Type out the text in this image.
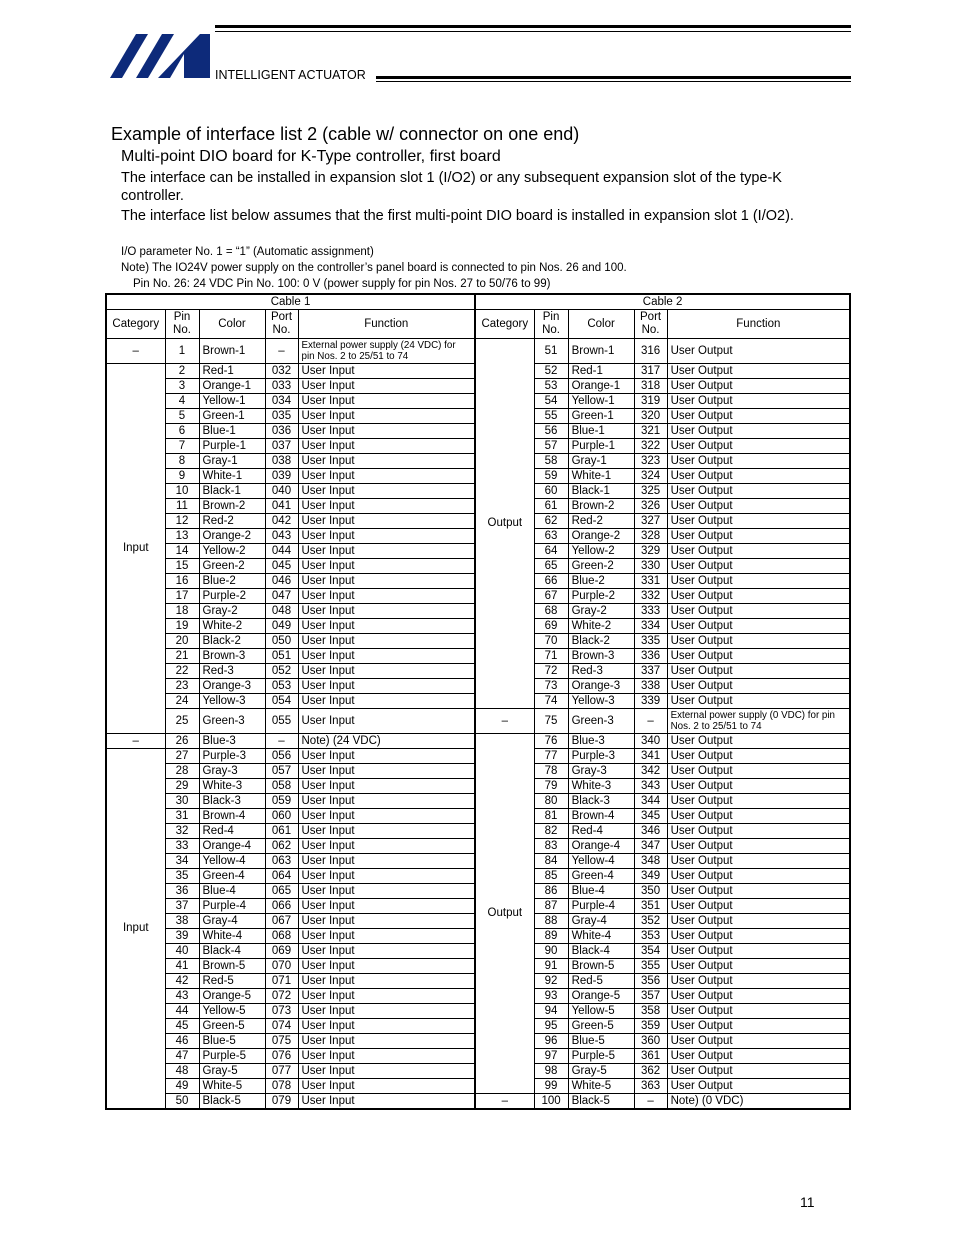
INTELLIGENT ACTUATOR
Example of interface list 2 (cable w/ connector on one end)
Multi-point DIO board for K-Type controller, first board
The interface can be installed in expansion slot 1 (I/O2) or any subsequent expansion slot of the type-K controller.
The interface list below assumes that the first multi-point DIO board is installed in expansion slot 1 (I/O2).
I/O parameter No. 1 = “1” (Automatic assignment)
Note) The IO24V power supply on the controller’s panel board is connected to pin Nos. 26 and 100.
Pin No. 26: 24 VDC Pin No. 100: 0 V (power supply for pin Nos. 27 to 50/76 to 99)
Cable 1					Cable 2				
Category	Pin No.	Color	Port No.	Function	Category	Pin No.	Color	Port No.	Function
–	1	Brown-1	–	External power supply (24 VDC) for pin Nos. 2 to 25/51 to 74	Output	51	Brown-1	316	User Output
Input	2	Red-1	032	User Input		52	Red-1	317	User Output
	3	Orange-1	033	User Input		53	Orange-1	318	User Output
	4	Yellow-1	034	User Input		54	Yellow-1	319	User Output
	5	Green-1	035	User Input		55	Green-1	320	User Output
	6	Blue-1	036	User Input		56	Blue-1	321	User Output
	7	Purple-1	037	User Input		57	Purple-1	322	User Output
	8	Gray-1	038	User Input		58	Gray-1	323	User Output
	9	White-1	039	User Input		59	White-1	324	User Output
	10	Black-1	040	User Input		60	Black-1	325	User Output
	11	Brown-2	041	User Input		61	Brown-2	326	User Output
	12	Red-2	042	User Input		62	Red-2	327	User Output
	13	Orange-2	043	User Input		63	Orange-2	328	User Output
	14	Yellow-2	044	User Input		64	Yellow-2	329	User Output
	15	Green-2	045	User Input		65	Green-2	330	User Output
	16	Blue-2	046	User Input		66	Blue-2	331	User Output
	17	Purple-2	047	User Input		67	Purple-2	332	User Output
	18	Gray-2	048	User Input		68	Gray-2	333	User Output
	19	White-2	049	User Input		69	White-2	334	User Output
	20	Black-2	050	User Input		70	Black-2	335	User Output
	21	Brown-3	051	User Input		71	Brown-3	336	User Output
	22	Red-3	052	User Input		72	Red-3	337	User Output
	23	Orange-3	053	User Input		73	Orange-3	338	User Output
	24	Yellow-3	054	User Input		74	Yellow-3	339	User Output
	25	Green-3	055	User Input	–	75	Green-3	–	External power supply (0 VDC) for pin Nos. 2 to 25/51 to 74
–	26	Blue-3	–	Note) (24 VDC)	Output	76	Blue-3	340	User Output
Input	27	Purple-3	056	User Input		77	Purple-3	341	User Output
	28	Gray-3	057	User Input		78	Gray-3	342	User Output
	29	White-3	058	User Input		79	White-3	343	User Output
	30	Black-3	059	User Input		80	Black-3	344	User Output
	31	Brown-4	060	User Input		81	Brown-4	345	User Output
	32	Red-4	061	User Input		82	Red-4	346	User Output
	33	Orange-4	062	User Input		83	Orange-4	347	User Output
	34	Yellow-4	063	User Input		84	Yellow-4	348	User Output
	35	Green-4	064	User Input		85	Green-4	349	User Output
	36	Blue-4	065	User Input		86	Blue-4	350	User Output
	37	Purple-4	066	User Input		87	Purple-4	351	User Output
	38	Gray-4	067	User Input		88	Gray-4	352	User Output
	39	White-4	068	User Input		89	White-4	353	User Output
	40	Black-4	069	User Input		90	Black-4	354	User Output
	41	Brown-5	070	User Input		91	Brown-5	355	User Output
	42	Red-5	071	User Input		92	Red-5	356	User Output
	43	Orange-5	072	User Input		93	Orange-5	357	User Output
	44	Yellow-5	073	User Input		94	Yellow-5	358	User Output
	45	Green-5	074	User Input		95	Green-5	359	User Output
	46	Blue-5	075	User Input		96	Blue-5	360	User Output
	47	Purple-5	076	User Input		97	Purple-5	361	User Output
	48	Gray-5	077	User Input		98	Gray-5	362	User Output
	49	White-5	078	User Input		99	White-5	363	User Output
	50	Black-5	079	User Input	–	100	Black-5	–	Note) (0 VDC)
11
